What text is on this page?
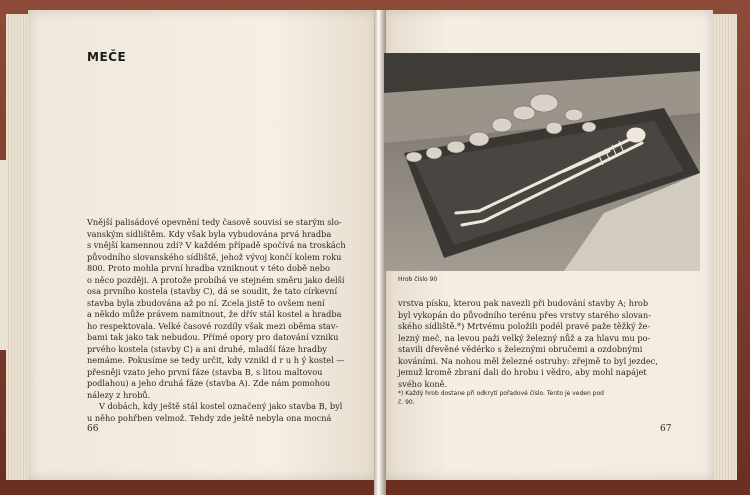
MEČE

Vnější palisádové opevnění tedy časově souvisí se starým slo-
vanským sídlištěm. Kdy však byla vybudována prvá hradba
s vnější kamennou zdí? V každém případě spočívá na troskách
původního slovanského sídliště, jehož vývoj končí kolem roku
800. Proto mohla první hradba vzniknout v této době nebo
o něco později. A protože probíhá ve stejném směru jako delší
osa prvního kostela (stavby C), dá se soudit, že tato církevní
stavba byla zbudována až po ní. Zcela jistě to ovšem není
a někdo může právem namítnout, že dřív stál kostel a hradba
ho respektovala. Velké časové rozdíly však mezi oběma stav-
bami tak jako tak nebudou. Přímé opory pro datování vzniku
prvého kostela (stavby C) a ani druhé, mladší fáze hradby
nemáme. Pokusíme se tedy určit, kdy vznikl d r u h ý kostel —
přesněji vzato jeho první fáze (stavba B, s litou maltovou
podlahou) a jeho druhá fáze (stavba A). Zde nám pomohou
nálezy z hrobů.

V dobách, kdy ještě stál kostel označený jako stavba B, byl
u něho pohřben velmož. Tehdy zde ještě nebyla ona mocná

66
Hrob číslo 90

vrstva písku, kterou pak navezli při budování stavby A; hrob
byl vykopán do původního terénu přes vrstvy starého slovan-
ského sídliště.*) Mrtvému položili podél pravé paže těžký že-
lezný meč, na levou paži velký železný nůž a za hlavu mu po-
stavili dřevěné vědérko s železnými obručemi a ozdobnými
kováními. Na nohou měl železné ostruhy: zřejmě to byl jezdec,
jemuž kromě zbraní dali do hrobu i vědro, aby mohl napájet
svého koně.

*) Každý hrob dostane při odkrytí pořadové číslo. Tento je veden pod
č. 90.
67
